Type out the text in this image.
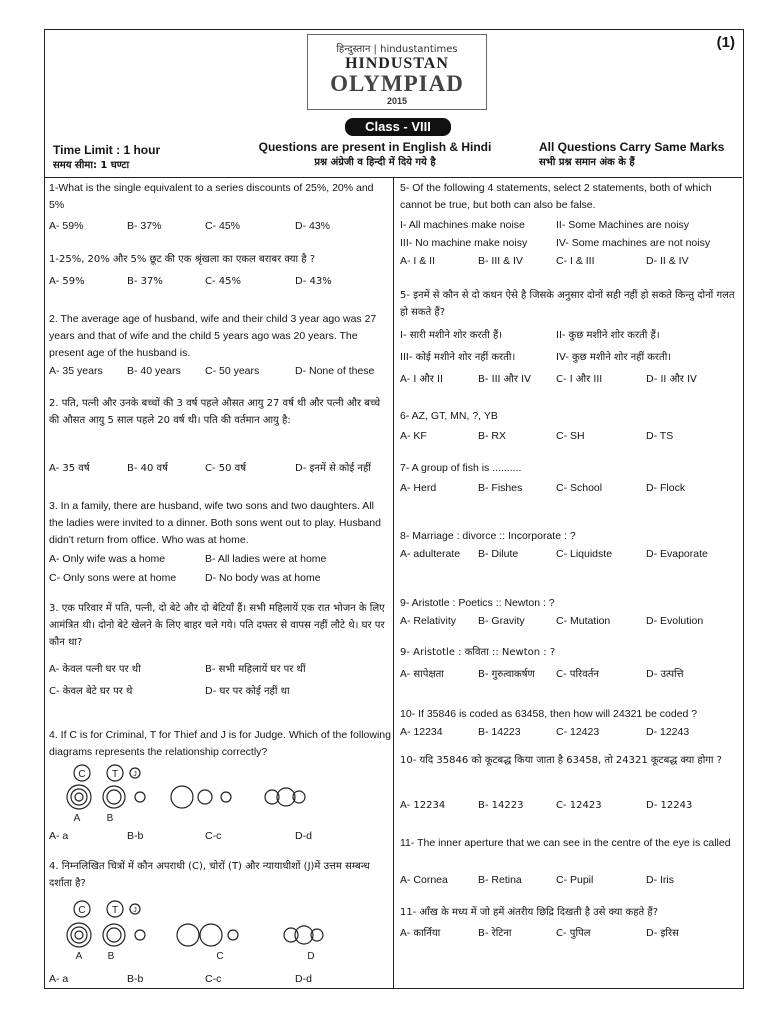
(1)
हिन्दुस्तान | hindustantimes
HINDUSTAN
OLYMPIAD
2015
Class - VIII
Time Limit : 1 hour
समय सीमा: 1 घण्टा
Questions are present in English & Hindi
प्रश्न अंग्रेजी व हिन्दी में दिये गये है
All Questions Carry Same Marks
सभी प्रश्न समान अंक के हैं
1-What is the single equivalent to a series discounts of 25%, 20% and 5%
A- 59%	B- 37%	C- 45%	D- 43%
1-25%, 20% और 5% छूट की एक श्रृंखला का एकल बराबर क्या है ?
A- 59%	B- 37%	C- 45%	D- 43%
2. The average age of husband, wife and their child 3 year ago was 27 years and that of wife and the child 5 years ago was 20 years. The present age of the husband is.
A- 35 years B- 40 years C- 50 years	D- None of these
2. पति, पत्नी और उनके बच्चों की 3 वर्ष पहले औसत आयु 27 वर्ष थी और पत्नी और बच्चे की औसत आयु 5 साल पहले 20 वर्ष थी। पति की वर्तमान आयु है:
A- 35 वर्ष	B- 40 वर्ष	C- 50 वर्ष	D- इनमें से कोई नहीं
3. In a family, there are husband, wife two sons and two daughters. All the ladies were invited to a dinner. Both sons went out to play. Husband didn't return from office. Who was at home.
A- Only wife was a home	B- All ladies were at home
C- Only sons were at home	D- No body was at home
3. एक परिवार में पति, पत्नी, दो बेटे और दो बेटियाँ हैं। सभी महिलायें एक रात भोजन के लिए आमंत्रित थी। दोनो बेटे खेलने के लिए बाहर चले गये। पति दफ्तर से वापस नहीं लौटे थे। घर पर कौन था?
A- केवल पत्नी घर पर थी	B- सभी महिलायें घर पर थीं
C- केवल बेटे घर पर थे	D- घर पर कोई नहीं था
4. If C is for Criminal, T for Thief and J is for Judge. Which of the following diagrams represents the relationship correctly?
C	T J
A	B
A- a	B-b	C-c	D-d
4. निम्नलिखित चित्रों में कौन अपराधी (C), चोरों (T) और न्यायाधीशों (J)में उत्तम सम्बन्ध दर्शाता है?
C	T J
A	B	C	D
A- a	B-b	C-c	D-d
5- Of the following 4 statements, select 2 statements, both of which cannot be true, but both can also be false.
I- All machines make noise	II- Some Machines are noisy
III- No machine make noisy	IV- Some machines are not noisy
A- I & II	B- III & IV	C- I & III	D- II & IV
5- इनमें से कौन से दो कथन ऐसे है जिसके अनुसार दोनों सही नहीं हो सकते किन्तु दोनों गलत हो सकते हैं?
I- सारी मशीने शोर करती हैं।	II- कुछ मशीने शोर करती हैं।
III- कोई मशीने शोर नहीं करती।	IV- कुछ मशीने शोर नहीं करती।
A- I और II	B- III और IV	C- I और III	D- II और IV
6- AZ, GT, MN, ?, YB
A- KF	B- RX	C- SH	D- TS
7- A group of fish is ..........
A- Herd	B- Fishes	C- School	D- Flock
8- Marriage : divorce :: Incorporate : ?
A- adulterate B- Dilute	C- Liquidste	D- Evaporate
9- Aristotle : Poetics :: Newton : ?
A- Relativity B- Gravity	C- Mutation	D- Evolution
9- Aristotle : कविता :: Newton : ?
A- सापेक्षता	B- गुरुत्वाकर्षण C- परिवर्तन	D- उत्पत्ति
10- If 35846 is coded as 63458, then how will 24321 be coded ?
A- 12234	B- 14223	C- 12423	D- 12243
10- यदि 35846 को कूटबद्ध किया जाता है 63458, तो 24321 कूटबद्ध क्या होगा ?
A- 12234	B- 14223	C- 12423	D- 12243
11- The inner aperture that we can see in the centre of the eye is called
A- Cornea	B- Retina	C- Pupil	D- Iris
11- आँख के मध्य में जो हमें अंतरीय छिद्रि दिखती है उसे क्या कहते हैं?
A- कार्निया	B- रेटिना	C- पुपिल	D- इरिस
